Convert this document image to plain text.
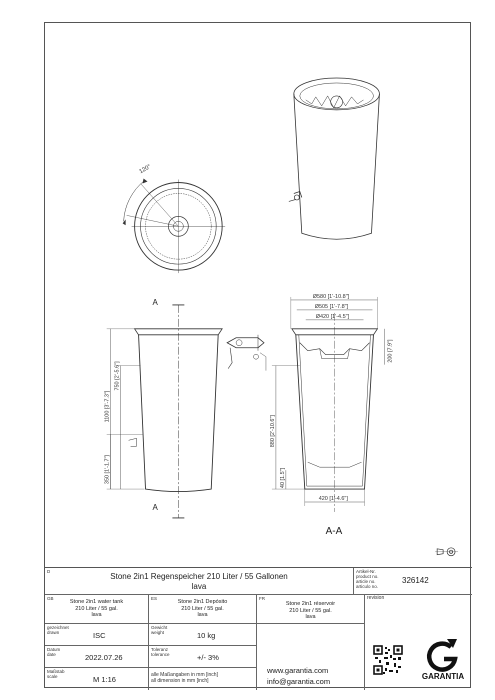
120°
A
A
1100 [3'-7.3"]
750 [2'-5.6"]
350 [1'-1.7"]
Ø580 [1'-10.8"]
Ø505 [1'-7.8"]
Ø420 [1'-4.5"]
200 [7.9"]
880 [2'-10.6"]
40 [1.5"]
420 [1'-4.6"]
A-A
D
Stone 2in1 Regenspeicher 210 Liter / 55 Gallonen
lava
Artikel-Nr.
product no.
article no.
articulo no.
326142
GB
Stone 2in1 water tank
210 Liter / 55 gal.
lava
ES
Stone 2in1 Depósito
210 Liter / 55 gal.
lava
FR
Stone 2in1 réservoir
210 Liter / 55 gal.
lava
revision
GARANTIA
gezeichnet
drawn	ISC
Gewicht
weight	10 kg
www.garantia.com
info@garantia.com
Datum
date	2022.07.26
Toleranz
tolerance	+/- 3%
Maßstab
scale	M 1:16	alle Maßangaben in mm [inch]
all dimension in mm [inch]
